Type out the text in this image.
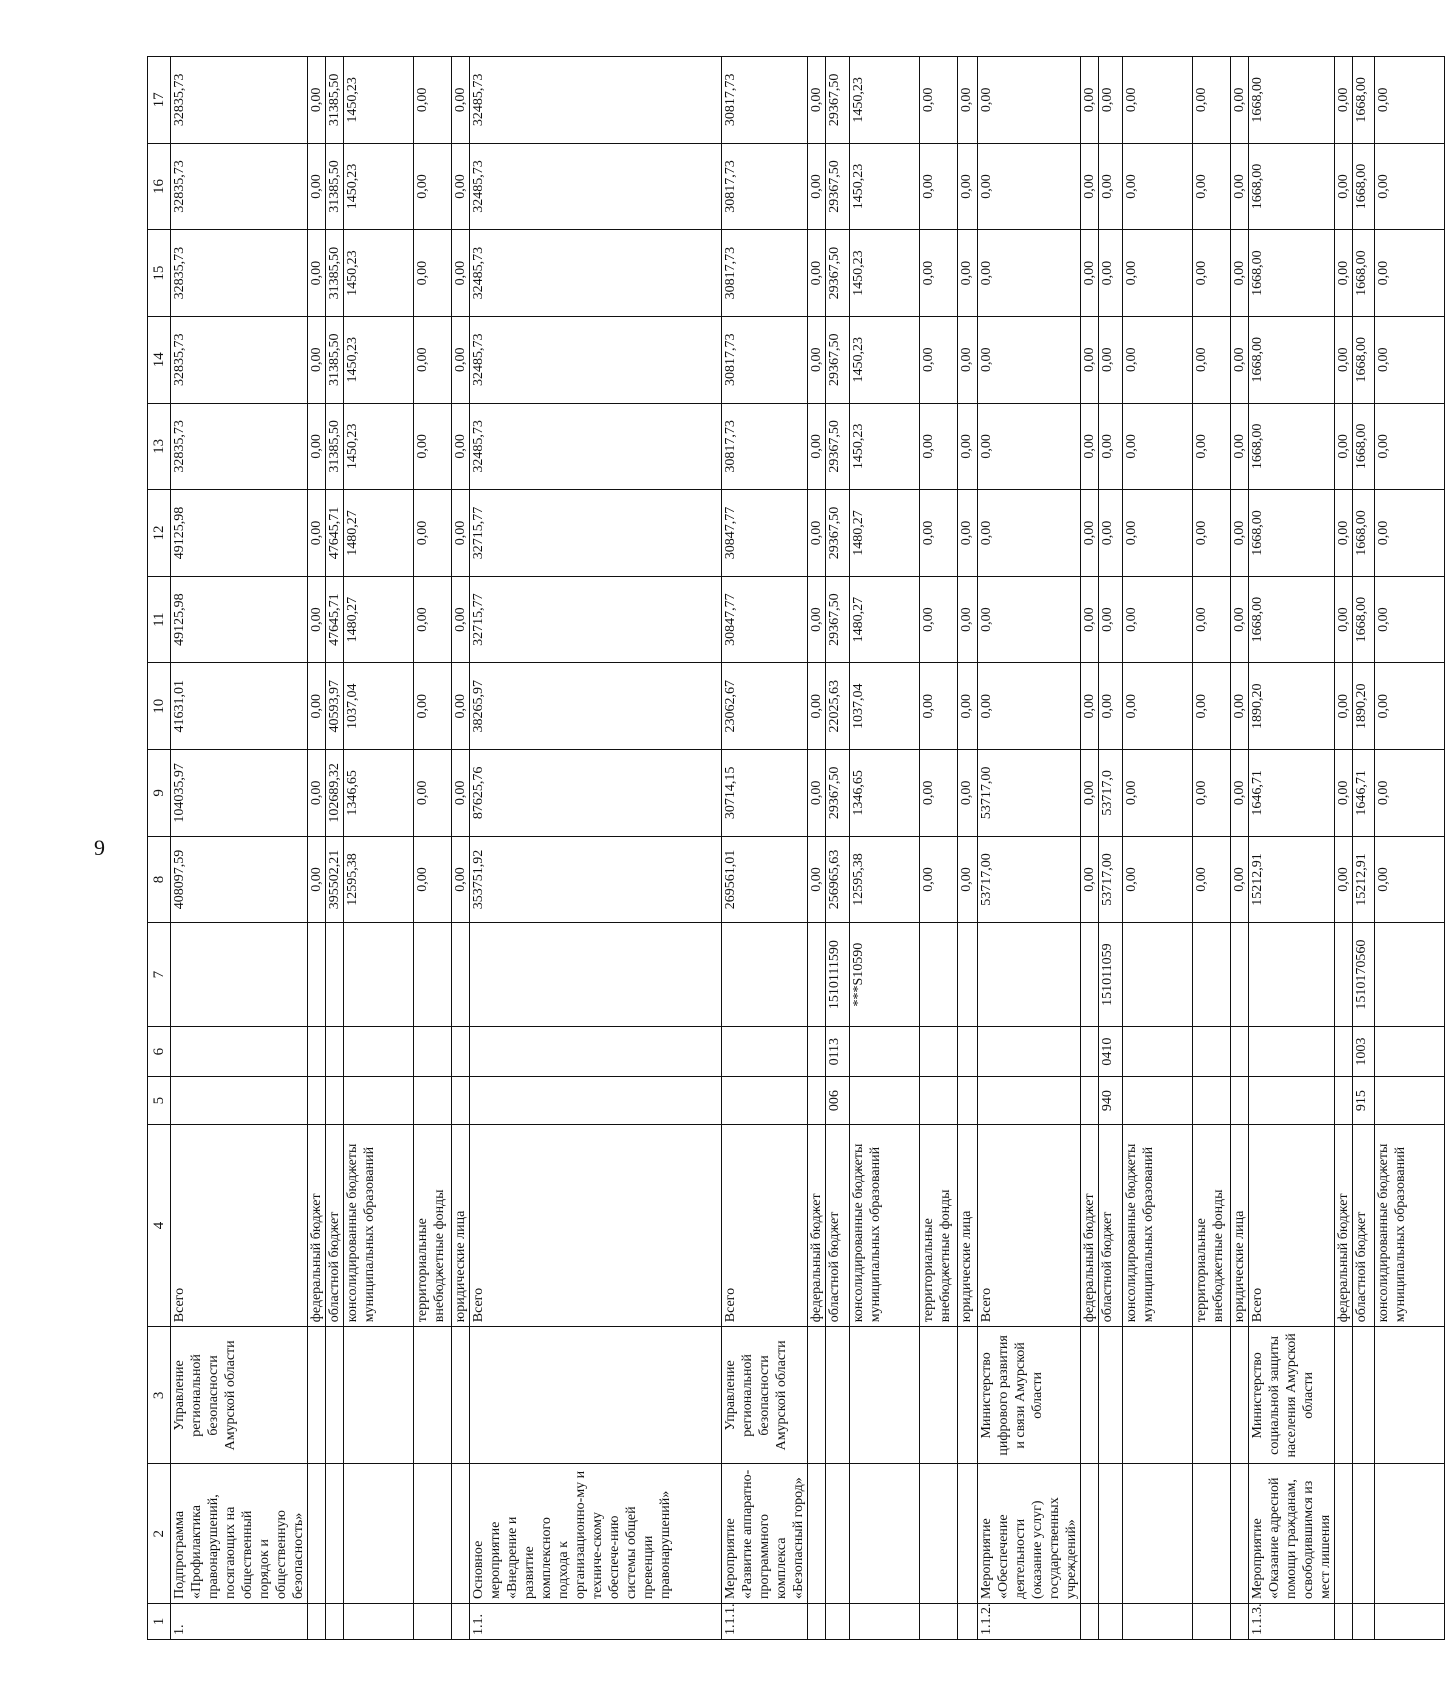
9
1	2	3	4	5	6	7	8	9	10	11	12	13	14	15	16	17
1.	Подпрограмма «Профилактика правонарушений, посягающих на общественный порядок и общественную безопасность»	Управление региональной безопасности Амурской области	Всего				408097,59	104035,97	41631,01	49125,98	49125,98	32835,73	32835,73	32835,73	32835,73	32835,73
			федеральный бюджет				0,00	0,00	0,00	0,00	0,00	0,00	0,00	0,00	0,00	0,00
			областной бюджет				395502,21	102689,32	40593,97	47645,71	47645,71	31385,50	31385,50	31385,50	31385,50	31385,50
			консолидированные бюджеты муниципальных образований				12595,38	1346,65	1037,04	1480,27	1480,27	1450,23	1450,23	1450,23	1450,23	1450,23
			территориальные внебюджетные фонды				0,00	0,00	0,00	0,00	0,00	0,00	0,00	0,00	0,00	0,00
			юридические лица				0,00	0,00	0,00	0,00	0,00	0,00	0,00	0,00	0,00	0,00
1.1.	Основное мероприятие «Внедрение и развитие комплексного подхода к организационно-му и техниче-скому обеспече-нию системы общей превенции правонарушений»		Всего				353751,92	87625,76	38265,97	32715,77	32715,77	32485,73	32485,73	32485,73	32485,73	32485,73
1.1.1.	Мероприятие «Развитие аппаратно-программного комплекса «Безопасный город»	Управление региональной безопасности Амурской области	Всего				269561,01	30714,15	23062,67	30847,77	30847,77	30817,73	30817,73	30817,73	30817,73	30817,73
			федеральный бюджет				0,00	0,00	0,00	0,00	0,00	0,00	0,00	0,00	0,00	0,00
			областной бюджет	006	0113	1510111590	256965,63	29367,50	22025,63	29367,50	29367,50	29367,50	29367,50	29367,50	29367,50	29367,50
			консолидированные бюджеты муниципальных образований			***S10590	12595,38	1346,65	1037,04	1480,27	1480,27	1450,23	1450,23	1450,23	1450,23	1450,23
			территориальные внебюджетные фонды				0,00	0,00	0,00	0,00	0,00	0,00	0,00	0,00	0,00	0,00
			юридические лица				0,00	0,00	0,00	0,00	0,00	0,00	0,00	0,00	0,00	0,00
1.1.2.	Мероприятие «Обеспечение деятельности (оказание услуг) государственных учреждений»	Министерство цифрового развития и связи Амурской области	Всего				53717,00	53717,00	0,00	0,00	0,00	0,00	0,00	0,00	0,00	0,00
			федеральный бюджет				0,00	0,00	0,00	0,00	0,00	0,00	0,00	0,00	0,00	0,00
			областной бюджет	940	0410	151011059	53717,00	53717,0	0,00	0,00	0,00	0,00	0,00	0,00	0,00	0,00
			консолидированные бюджеты муниципальных образований				0,00	0,00	0,00	0,00	0,00	0,00	0,00	0,00	0,00	0,00
			территориальные внебюджетные фонды				0,00	0,00	0,00	0,00	0,00	0,00	0,00	0,00	0,00	0,00
			юридические лица				0,00	0,00	0,00	0,00	0,00	0,00	0,00	0,00	0,00	0,00
1.1.3.	Мероприятие «Оказание адресной помощи гражданам, освободившимся из мест лишения	Министерство социальной защиты населения Амурской области	Всего				15212,91	1646,71	1890,20	1668,00	1668,00	1668,00	1668,00	1668,00	1668,00	1668,00
			федеральный бюджет				0,00	0,00	0,00	0,00	0,00	0,00	0,00	0,00	0,00	0,00
			областной бюджет	915	1003	1510170560	15212,91	1646,71	1890,20	1668,00	1668,00	1668,00	1668,00	1668,00	1668,00	1668,00
			консолидированные бюджеты муниципальных образований				0,00	0,00	0,00	0,00	0,00	0,00	0,00	0,00	0,00	0,00
